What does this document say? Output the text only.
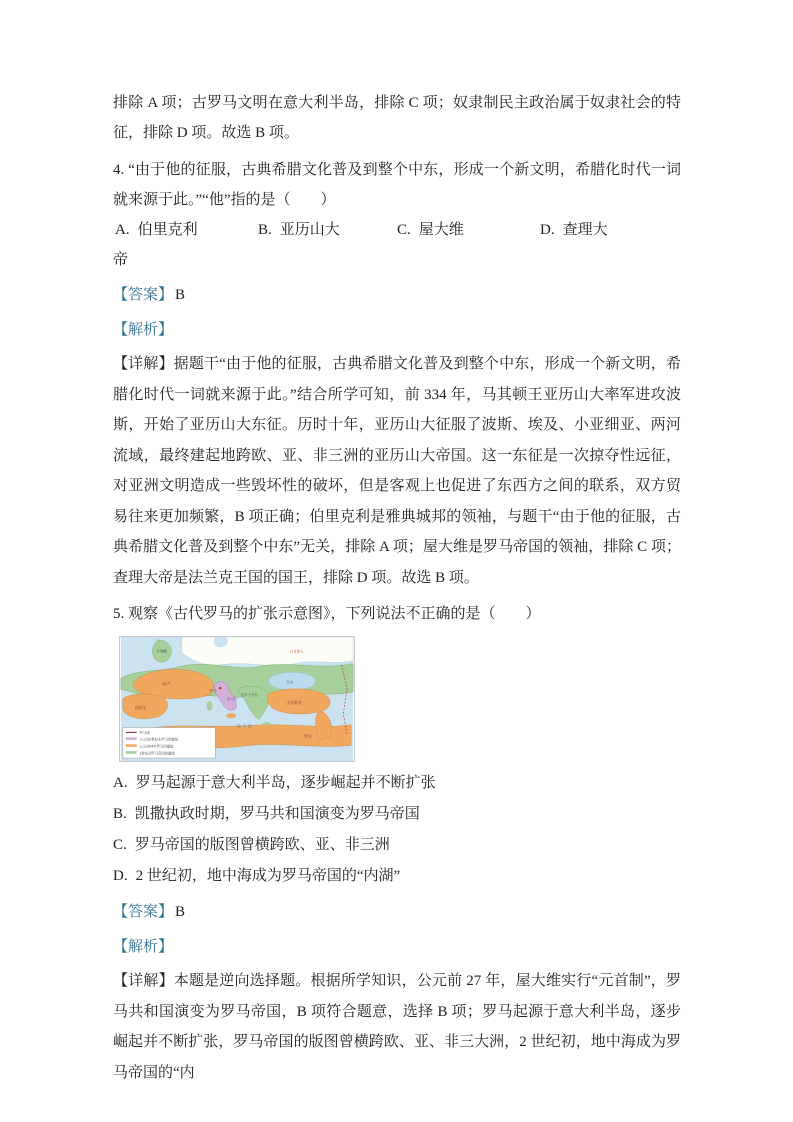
排除 A 项；古罗马文明在意大利半岛，排除 C 项；奴隶制民主政治属于奴隶社会的特征，排除 D 项。故选 B 项。

4. “由于他的征服，古典希腊文化普及到整个中东，形成一个新文明，希腊化时代一词就来源于此。”“他”指的是（　　）

A. 伯里克利	B. 亚历山大	C. 屋大维	D. 查理大
帝

【答案】 B

【解析】

【详解】据题干“由于他的征服，古典希腊文化普及到整个中东，形成一个新文明，希腊化时代一词就来源于此。”结合所学可知，前 334 年，马其顿王亚历山大率军进攻波斯，开始了亚历山大东征。历时十年，亚历山大征服了波斯、埃及、小亚细亚、两河流域，最终建起地跨欧、亚、非三洲的亚历山大帝国。这一东征是一次掠夺性远征，对亚洲文明造成一些毁坏性的破坏，但是客观上也促进了东西方之间的联系，双方贸易往来更加频繁，B 项正确；伯里克利是雅典城邦的领袖，与题干“由于他的征服，古典希腊文化普及到整个中东”无关，排除 A 项；屋大维是罗马帝国的领袖，排除 C 项；查理大帝是法兰克王国的国王，排除 D 项。故选 B 项。

5. 观察《古代罗马的扩张示意图》，下列说法不正确的是（　　）

不列颠
高卢
西班牙
日耳曼人
罗马
意大利
巴尔干半岛
黑海
小亚细亚
地中海
埃及
罗马城
公元前2世纪末罗马的疆域
公元前44年罗马的疆域
2世纪初罗马帝国的疆域
A. 罗马起源于意大利半岛，逐步崛起并不断扩张
B. 凯撒执政时期，罗马共和国演变为罗马帝国
C. 罗马帝国的版图曾横跨欧、亚、非三洲
D. 2 世纪初，地中海成为罗马帝国的“内湖”

【答案】 B

【解析】

【详解】本题是逆向选择题。根据所学知识，公元前 27 年，屋大维实行“元首制”，罗马共和国演变为罗马帝国，B 项符合题意，选择 B 项；罗马起源于意大利半岛，逐步崛起并不断扩张，罗马帝国的版图曾横跨欧、亚、非三大洲，2 世纪初，地中海成为罗马帝国的“内
